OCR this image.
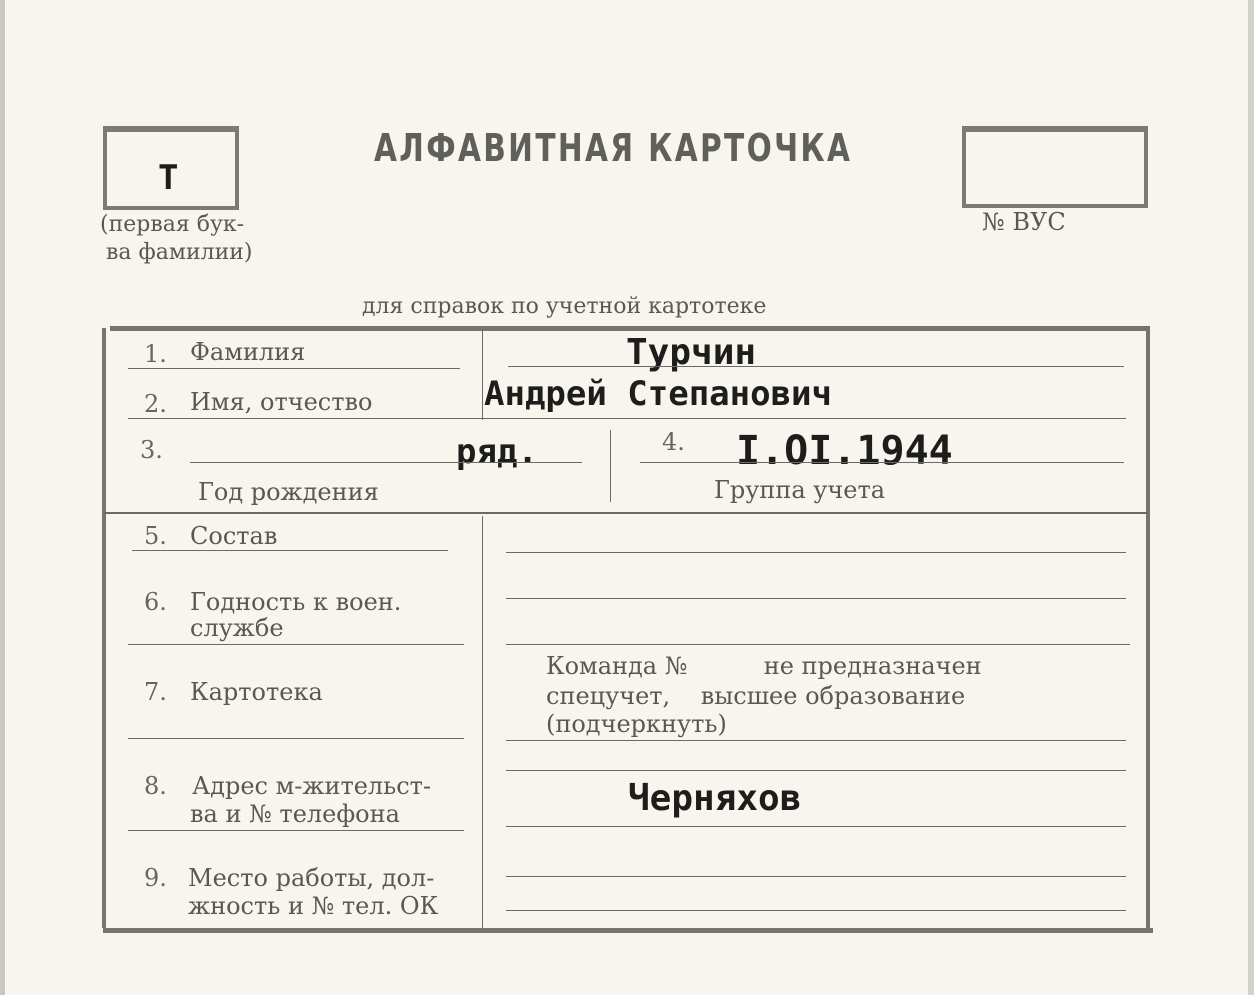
Т
(первая бук-
ва фамилии)
АЛФАВИТНАЯ КАРТОЧКА
№ ВУС
для справок по учетной картотеке
1. Фамилия	Турчин
2. Имя, отчество	Андрей Степанович
3.	ряд.
Год рождения
4. I.OI.1944
Группа учета
5. Состав
6. Годность к воен.
службе
7. Картотека
Команда №          не предназначен
спецучет,    высшее образование
(подчеркнуть)
8. Адрес м-жительст-
ва и № телефона	Черняхов
9. Место работы, дол-
жность и № тел. ОК
